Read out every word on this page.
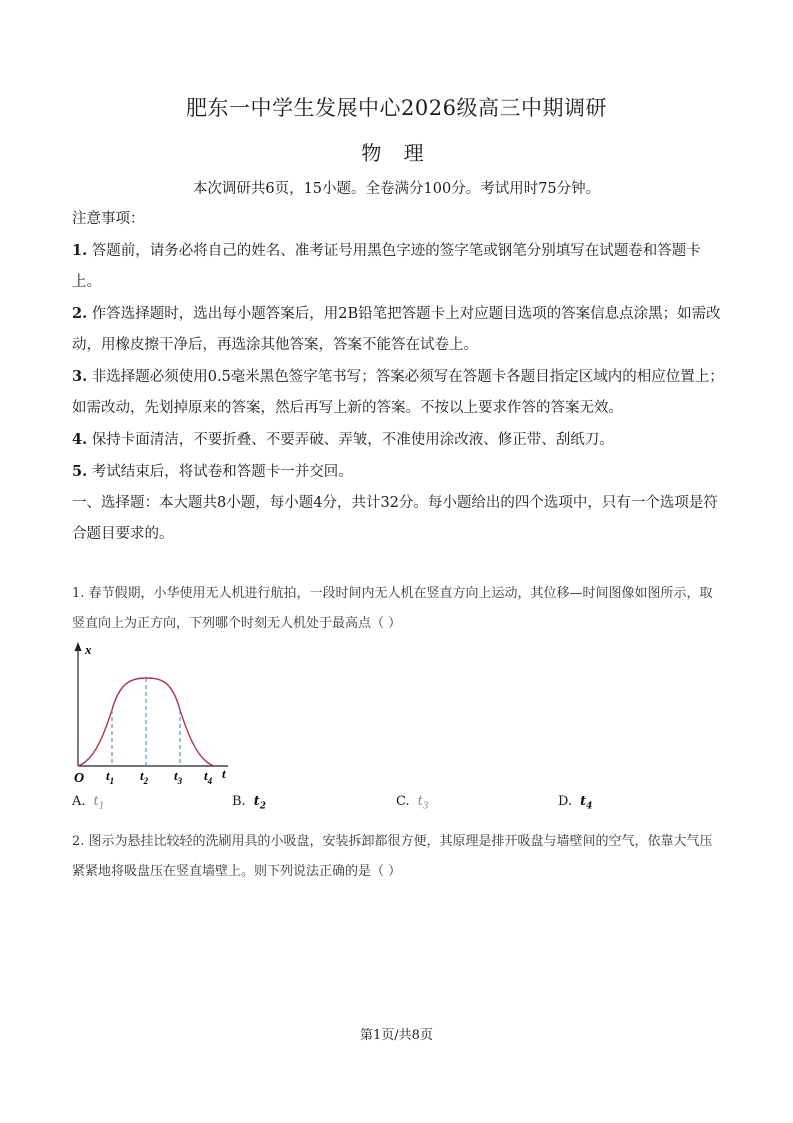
肥东一中学生发展中心2026级高三中期调研
物 理
本次调研共6页，15小题。全卷满分100分。考试用时75分钟。
注意事项：
1. 答题前，请务必将自己的姓名、准考证号用黑色字迹的签字笔或钢笔分别填写在试题卷和答题卡上。
2. 作答选择题时，选出每小题答案后，用2B铅笔把答题卡上对应题目选项的答案信息点涂黑；如需改动，用橡皮擦干净后，再选涂其他答案，答案不能答在试卷上。
3. 非选择题必须使用0.5毫米黑色签字笔书写；答案必须写在答题卡各题目指定区域内的相应位置上；如需改动，先划掉原来的答案，然后再写上新的答案。不按以上要求作答的答案无效。
4. 保持卡面清洁，不要折叠、不要弄破、弄皱，不准使用涂改液、修正带、刮纸刀。
5. 考试结束后，将试卷和答题卡一并交回。
一、选择题：本大题共8小题，每小题4分，共计32分。每小题给出的四个选项中，只有一个选项是符合题目要求的。
1. 春节假期，小华使用无人机进行航拍，一段时间内无人机在竖直方向上运动，其位移—时间图像如图所示，取竖直向上为正方向，下列哪个时刻无人机处于最高点（ ）
x
O	t
$t_1$ $t_2$ $t_3$ $t_4$
A. $t_1$	B. $t_2$	C. $t_3$	D. $t_4$
2. 图示为悬挂比较轻的洗刷用具的小吸盘，安装拆卸都很方便，其原理是排开吸盘与墙壁间的空气，依靠大气压紧紧地将吸盘压在竖直墙壁上。则下列说法正确的是（ ）
第1页/共8页
